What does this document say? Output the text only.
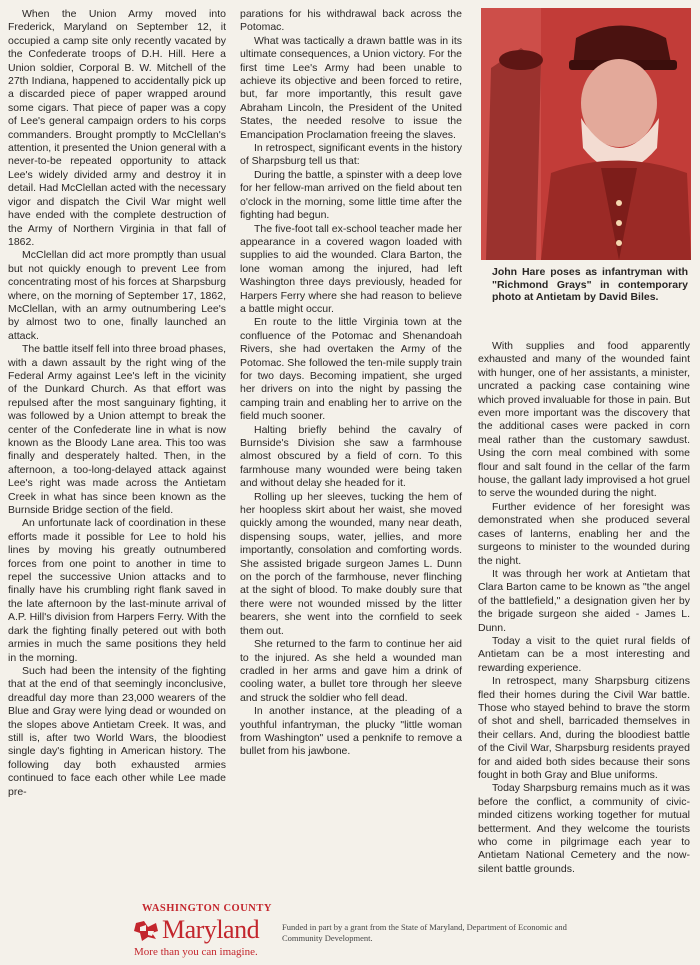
When the Union Army moved into Frederick, Maryland on September 12, it occupied a camp site only recently vacated by the Confederate troops of D.H. Hill. Here a Union soldier, Corporal B. W. Mitchell of the 27th Indiana, happened to accidentally pick up a discarded piece of paper wrapped around some cigars. That piece of paper was a copy of Lee's general campaign orders to his corps commanders. Brought promptly to McClellan's attention, it presented the Union general with a never-to-be repeated opportunity to attack Lee's widely divided army and destroy it in detail. Had McClellan acted with the necessary vigor and dispatch the Civil War might well have ended with the complete destruction of the Army of Northern Virginia in that fall of 1862.

McClellan did act more promptly than usual but not quickly enough to prevent Lee from concentrating most of his forces at Sharpsburg where, on the morning of September 17, 1862, McClellan, with an army outnumbering Lee's by almost two to one, finally launched an attack.

The battle itself fell into three broad phases, with a dawn assault by the right wing of the Federal Army against Lee's left in the vicinity of the Dunkard Church. As that effort was repulsed after the most sanguinary fighting, it was followed by a Union attempt to break the center of the Confederate line in what is now known as the Bloody Lane area. This too was finally and desperately halted. Then, in the afternoon, a too-long-delayed attack against Lee's right was made across the Antietam Creek in what has since been known as the Burnside Bridge section of the field.

An unfortunate lack of coordination in these efforts made it possible for Lee to hold his lines by moving his greatly outnumbered forces from one point to another in time to repel the successive Union attacks and to finally have his crumbling right flank saved in the late afternoon by the last-minute arrival of A.P. Hill's division from Harpers Ferry. With the dark the fighting finally petered out with both armies in much the same positions they held in the morning.

Such had been the intensity of the fighting that at the end of that seemingly inconclusive, dreadful day more than 23,000 wearers of the Blue and Gray were lying dead or wounded on the slopes above Antietam Creek. It was, and still is, after two World Wars, the bloodiest single day's fighting in American history. The following day both exhausted armies continued to face each other while Lee made pre-

parations for his withdrawal back across the Potomac.

What was tactically a drawn battle was in its ultimate consequences, a Union victory. For the first time Lee's Army had been unable to achieve its objective and been forced to retire, but, far more importantly, this result gave Abraham Lincoln, the President of the United States, the needed resolve to issue the Emancipation Proclamation freeing the slaves.

In retrospect, significant events in the history of Sharpsburg tell us that:

During the battle, a spinster with a deep love for her fellow-man arrived on the field about ten o'clock in the morning, some little time after the fighting had begun.

The five-foot tall ex-school teacher made her appearance in a covered wagon loaded with supplies to aid the wounded. Clara Barton, the lone woman among the injured, had left Washington three days previously, headed for Harpers Ferry where she had reason to believe a battle might occur.

En route to the little Virginia town at the confluence of the Potomac and Shenandoah Rivers, she had overtaken the Army of the Potomac. She followed the ten-mile supply train for two days. Becoming impatient, she urged her drivers on into the night by passing the camping train and enabling her to arrive on the field much sooner.

Halting briefly behind the cavalry of Burnside's Division she saw a farmhouse almost obscured by a field of corn. To this farmhouse many wounded were being taken and without delay she headed for it.

Rolling up her sleeves, tucking the hem of her hoopless skirt about her waist, she moved quickly among the wounded, many near death, dispensing soups, water, jellies, and more importantly, consolation and comforting words. She assisted brigade surgeon James L. Dunn on the porch of the farmhouse, never flinching at the sight of blood. To make doubly sure that there were not wounded missed by the litter bearers, she went into the cornfield to seek them out.

She returned to the farm to continue her aid to the injured. As she held a wounded man cradled in her arms and gave him a drink of cooling water, a bullet tore through her sleeve and struck the soldier who fell dead.

In another instance, at the pleading of a youthful infantryman, the plucky "little woman from Washington" used a penknife to remove a bullet from his jawbone.

John Hare poses as infantryman with "Richmond Grays" in contemporary photo at Antietam by David Biles.

With supplies and food apparently exhausted and many of the wounded faint with hunger, one of her assistants, a minister, uncrated a packing case containing wine which proved invaluable for those in pain. But even more important was the discovery that the additional cases were packed in corn meal rather than the customary sawdust. Using the corn meal combined with some flour and salt found in the cellar of the farm house, the gallant lady improvised a hot gruel to serve the wounded during the night.

Further evidence of her foresight was demonstrated when she produced several cases of lanterns, enabling her and the surgeons to minister to the wounded during the night.

It was through her work at Antietam that Clara Barton came to be known as "the angel of the battlefield," a designation given her by the brigade surgeon she aided - James L. Dunn.

Today a visit to the quiet rural fields of Antietam can be a most interesting and rewarding experience.

In retrospect, many Sharpsburg citizens fled their homes during the Civil War battle. Those who stayed behind to brave the storm of shot and shell, barricaded themselves in their cellars. And, during the bloodiest battle of the Civil War, Sharpsburg residents prayed for and aided both sides because their sons fought in both Gray and Blue uniforms.

Today Sharpsburg remains much as it was before the conflict, a community of civic-minded citizens working together for mutual betterment. And they welcome the tourists who come in pilgrimage each year to Antietam National Cemetery and the now-silent battle grounds.

WASHINGTON COUNTY
Maryland
More than you can imagine.
Funded in part by a grant from the State of Maryland, Department of Economic and Community Development.
